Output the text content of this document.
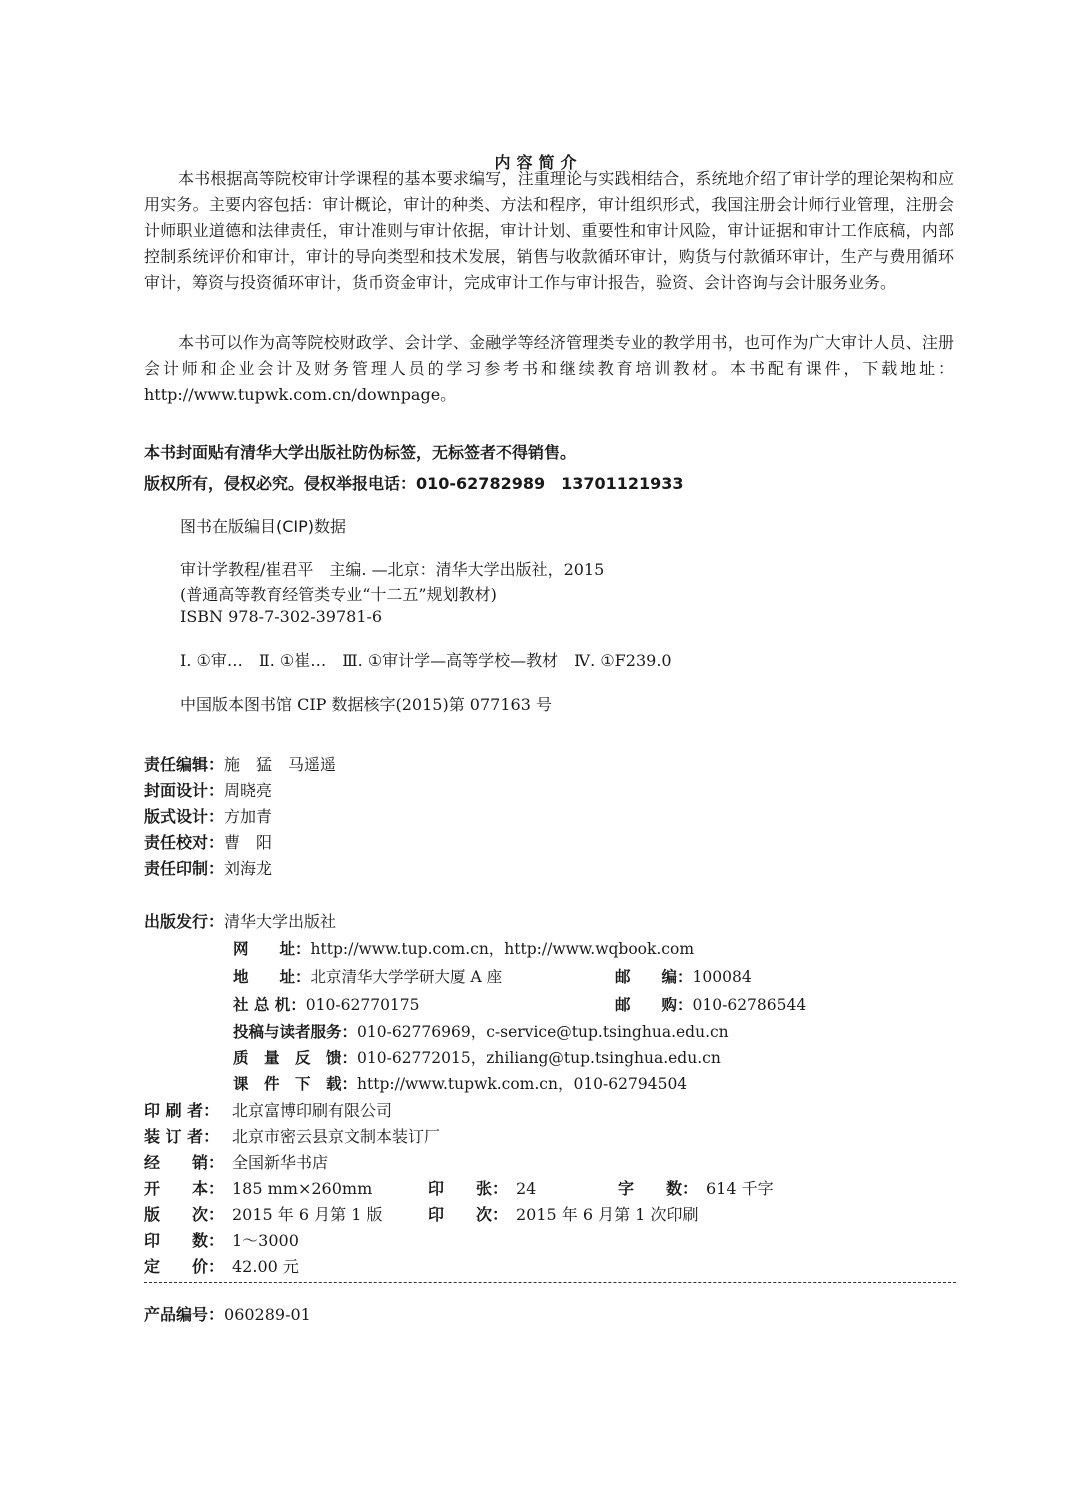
内容简介

本书根据高等院校审计学课程的基本要求编写，注重理论与实践相结合，系统地介绍了审计学的理论架构和应用实务。主要内容包括：审计概论，审计的种类、方法和程序，审计组织形式，我国注册会计师行业管理，注册会计师职业道德和法律责任，审计准则与审计依据，审计计划、重要性和审计风险，审计证据和审计工作底稿，内部控制系统评价和审计，审计的导向类型和技术发展，销售与收款循环审计，购货与付款循环审计，生产与费用循环审计，筹资与投资循环审计，货币资金审计，完成审计工作与审计报告，验资、会计咨询与会计服务业务。

本书可以作为高等院校财政学、会计学、金融学等经济管理类专业的教学用书，也可作为广大审计人员、注册会计师和企业会计及财务管理人员的学习参考书和继续教育培训教材。本书配有课件，下载地址：http://www.tupwk.com.cn/downpage。

本书封面贴有清华大学出版社防伪标签，无标签者不得销售。
版权所有，侵权必究。侵权举报电话：010-62782989　13701121933
图书在版编目(CIP)数据
审计学教程/崔君平　主编. —北京：清华大学出版社，2015
(普通高等教育经管类专业“十二五”规划教材)
ISBN 978-7-302-39781-6
Ⅰ. ①审…　Ⅱ. ①崔…　Ⅲ. ①审计学—高等学校—教材　Ⅳ. ①F239.0
中国版本图书馆 CIP 数据核字(2015)第 077163 号
责任编辑：施　猛　马遥遥
封面设计：周晓亮
版式设计：方加青
责任校对：曹　阳
责任印制：刘海龙
出版发行：清华大学出版社
网　　址：http://www.tup.com.cn，http://www.wqbook.com
地　　址：北京清华大学学研大厦 A 座	邮　　编：100084
社 总 机：010-62770175	邮　　购：010-62786544
投稿与读者服务：010-62776969，c-service@tup.tsinghua.edu.cn
质　量　反　馈：010-62772015，zhiliang@tup.tsinghua.edu.cn
课　件　下　载：http://www.tupwk.com.cn，010-62794504
印 刷 者： 北京富博印刷有限公司
装 订 者： 北京市密云县京文制本装订厂
经　　销： 全国新华书店
开　　本： 185 mm×260mm	印　　张： 24	字　　数： 614 千字
版　　次： 2015 年 6 月第 1 版	印　　次： 2015 年 6 月第 1 次印刷
印　　数： 1～3000
定　　价： 42.00 元
产品编号：060289-01
